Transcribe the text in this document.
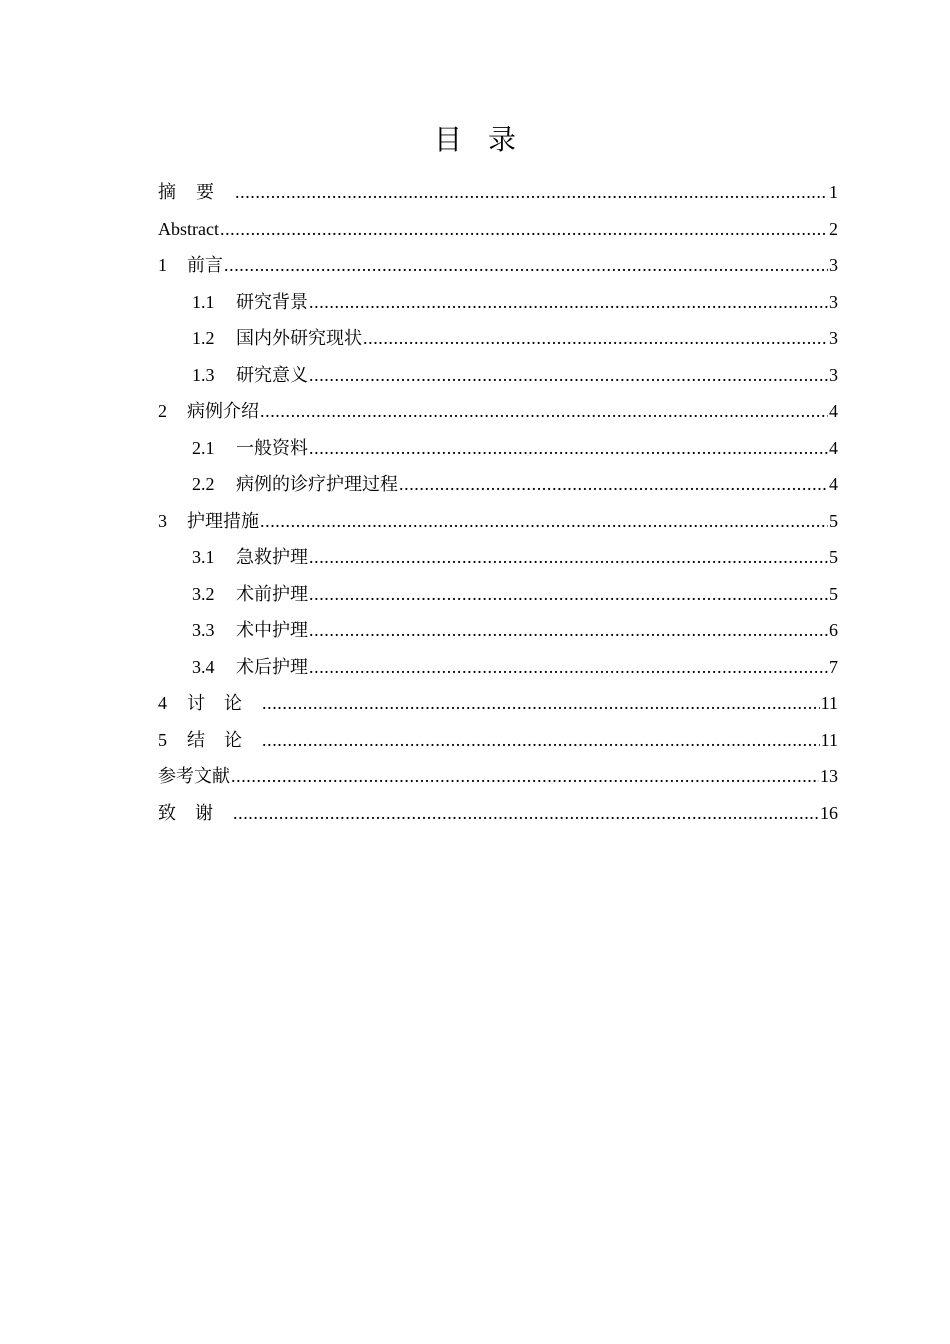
目 录
摘要 .....	1
Abstract .....	2
1	前言 .....	3
1.1	研究背景 .....	3
1.2	国内外研究现状 .....	3
1.3	研究意义 .....	3
2	病例介绍 .....	4
2.1	一般资料 .....	4
2.2	病例的诊疗护理过程 .....	4
3	护理措施 .....	5
3.1	急救护理 .....	5
3.2	术前护理 .....	5
3.3	术中护理 .....	6
3.4	术后护理 .....	7
4	讨论 .....	11
5	结论 .....	11
参考文献 .....	13
致谢 .....	16
